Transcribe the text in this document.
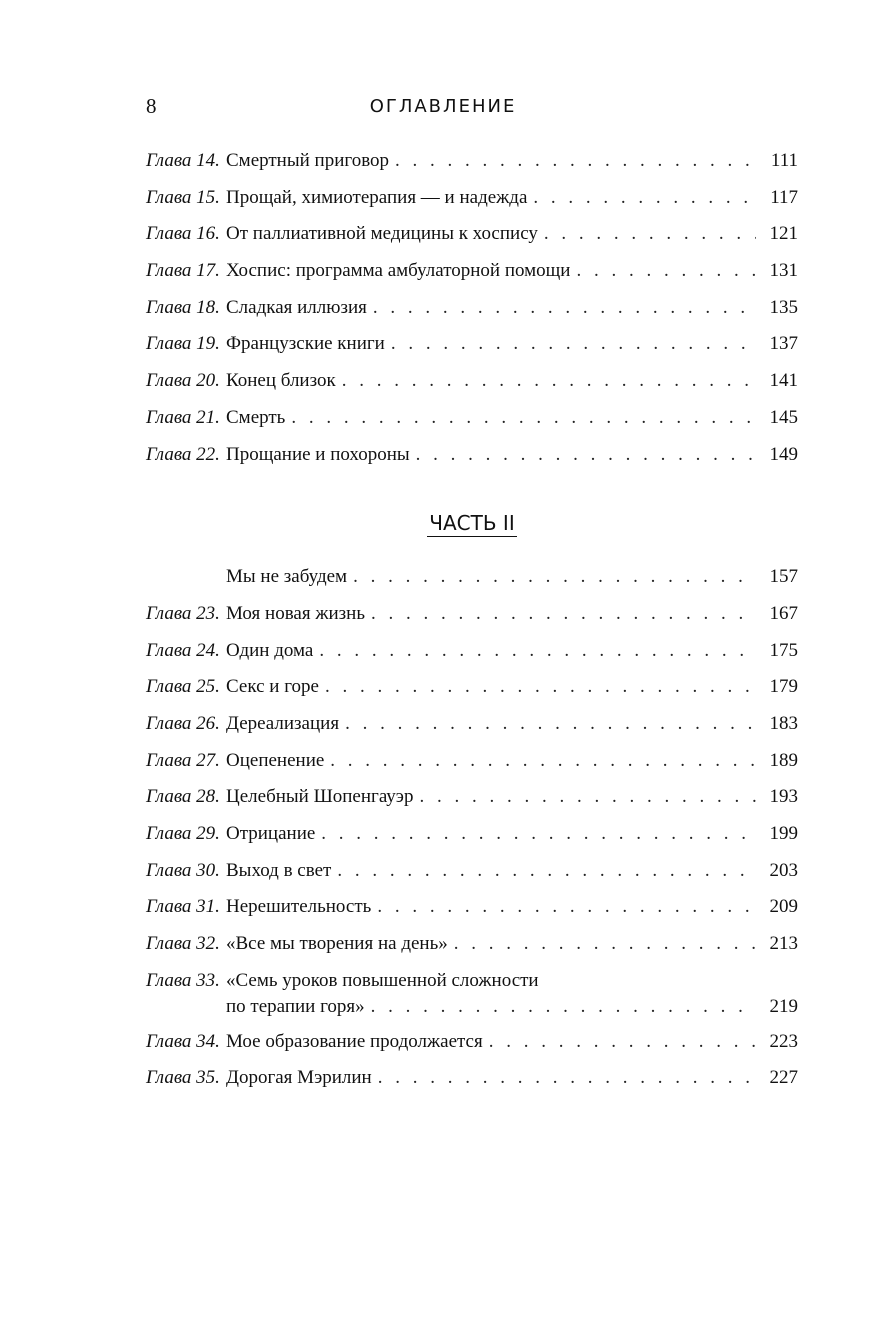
8	ОГЛАВЛЕНИЕ
Глава 14. Смертный приговор . . .	111
Глава 15. Прощай, химиотерапия — и надежда . . .	117
Глава 16. От паллиативной медицины к хоспису . . .	121
Глава 17. Хоспис: программа амбулаторной помощи . . .	131
Глава 18. Сладкая иллюзия . . .	135
Глава 19. Французские книги . . .	137
Глава 20. Конец близок . . .	141
Глава 21. Смерть . . .	145
Глава 22. Прощание и похороны . . .	149
ЧАСТЬ II
Мы не забудем . . .	157
Глава 23. Моя новая жизнь . . .	167
Глава 24. Один дома . . .	175
Глава 25. Секс и горе . . .	179
Глава 26. Дереализация . . .	183
Глава 27. Оцепенение . . .	189
Глава 28. Целебный Шопенгауэр . . .	193
Глава 29. Отрицание . . .	199
Глава 30. Выход в свет . . .	203
Глава 31. Нерешительность . . .	209
Глава 32. «Все мы творения на день» . . .	213
Глава 33. «Семь уроков повышенной сложности
по терапии горя» . . .	219
Глава 34. Мое образование продолжается . . .	223
Глава 35. Дорогая Мэрилин . . .	227
